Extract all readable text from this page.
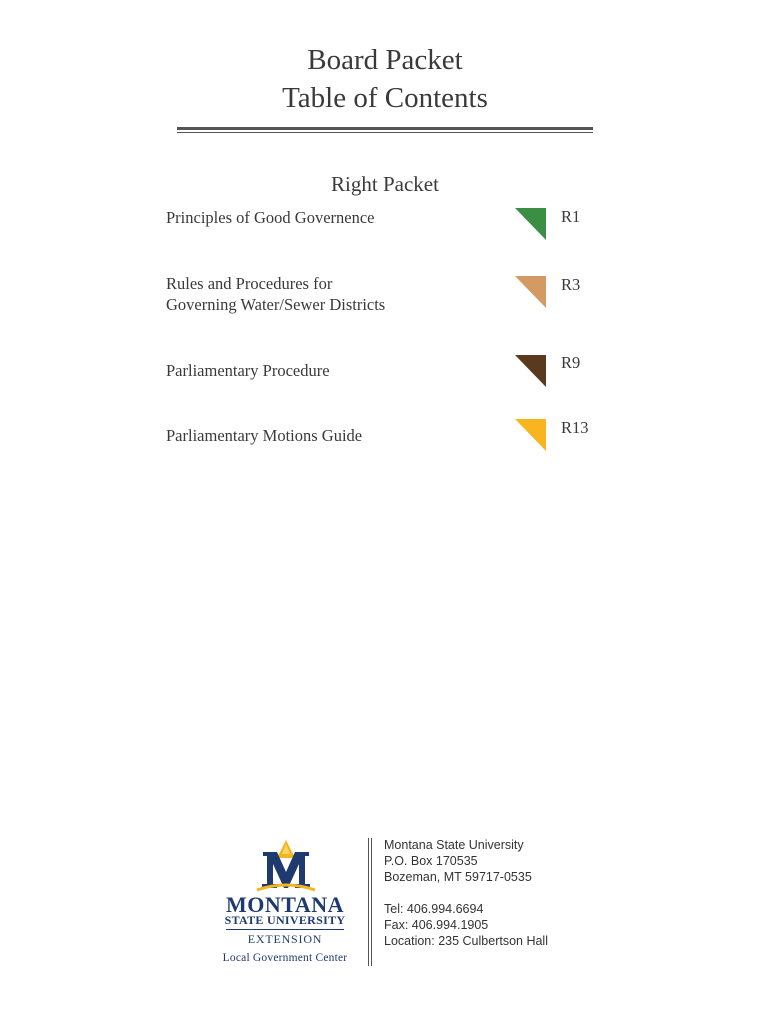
Board Packet
Table of Contents
Right Packet
Principles of Good Governence	R1
Rules and Procedures for
Governing Water/Sewer Districts
R3
Parliamentary Procedure	R9
Parliamentary Motions Guide	R13
MONTANA
STATE UNIVERSITY
EXTENSION
Local Government Center
Montana State University
P.O. Box 170535
Bozeman, MT 59717-0535
Tel: 406.994.6694
Fax: 406.994.1905
Location: 235 Culbertson Hall
